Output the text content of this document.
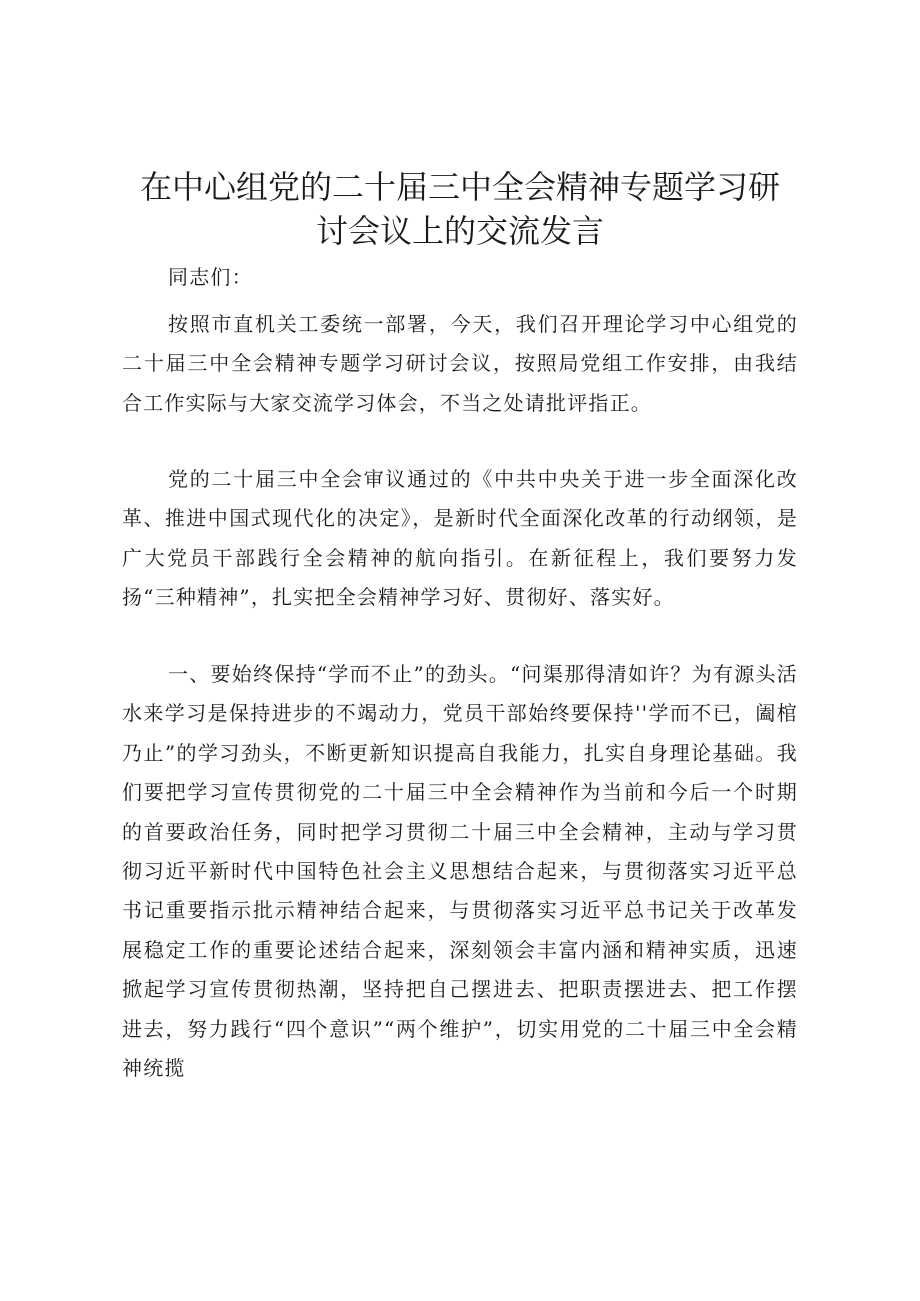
在中心组党的二十届三中全会精神专题学习研
讨会议上的交流发言

同志们：

按照市直机关工委统一部署，今天，我们召开理论学习中心组党的二十届三中全会精神专题学习研讨会议，按照局党组工作安排，由我结合工作实际与大家交流学习体会，不当之处请批评指正。

党的二十届三中全会审议通过的《中共中央关于进一步全面深化改革、推进中国式现代化的决定》，是新时代全面深化改革的行动纲领，是广大党员干部践行全会精神的航向指引。在新征程上，我们要努力发扬“三种精神”，扎实把全会精神学习好、贯彻好、落实好。

一、要始终保持“学而不止”的劲头。“问渠那得清如许？为有源头活水来学习是保持进步的不竭动力，党员干部始终要保持''学而不已，阖棺乃止”的学习劲头，不断更新知识提高自我能力，扎实自身理论基础。我们要把学习宣传贯彻党的二十届三中全会精神作为当前和今后一个时期的首要政治任务，同时把学习贯彻二十届三中全会精神，主动与学习贯彻习近平新时代中国特色社会主义思想结合起来，与贯彻落实习近平总书记重要指示批示精神结合起来，与贯彻落实习近平总书记关于改革发展稳定工作的重要论述结合起来，深刻领会丰富内涵和精神实质，迅速掀起学习宣传贯彻热潮，坚持把自己摆进去、把职责摆进去、把工作摆进去，努力践行“四个意识”“两个维护”，切实用党的二十届三中全会精神统揽
